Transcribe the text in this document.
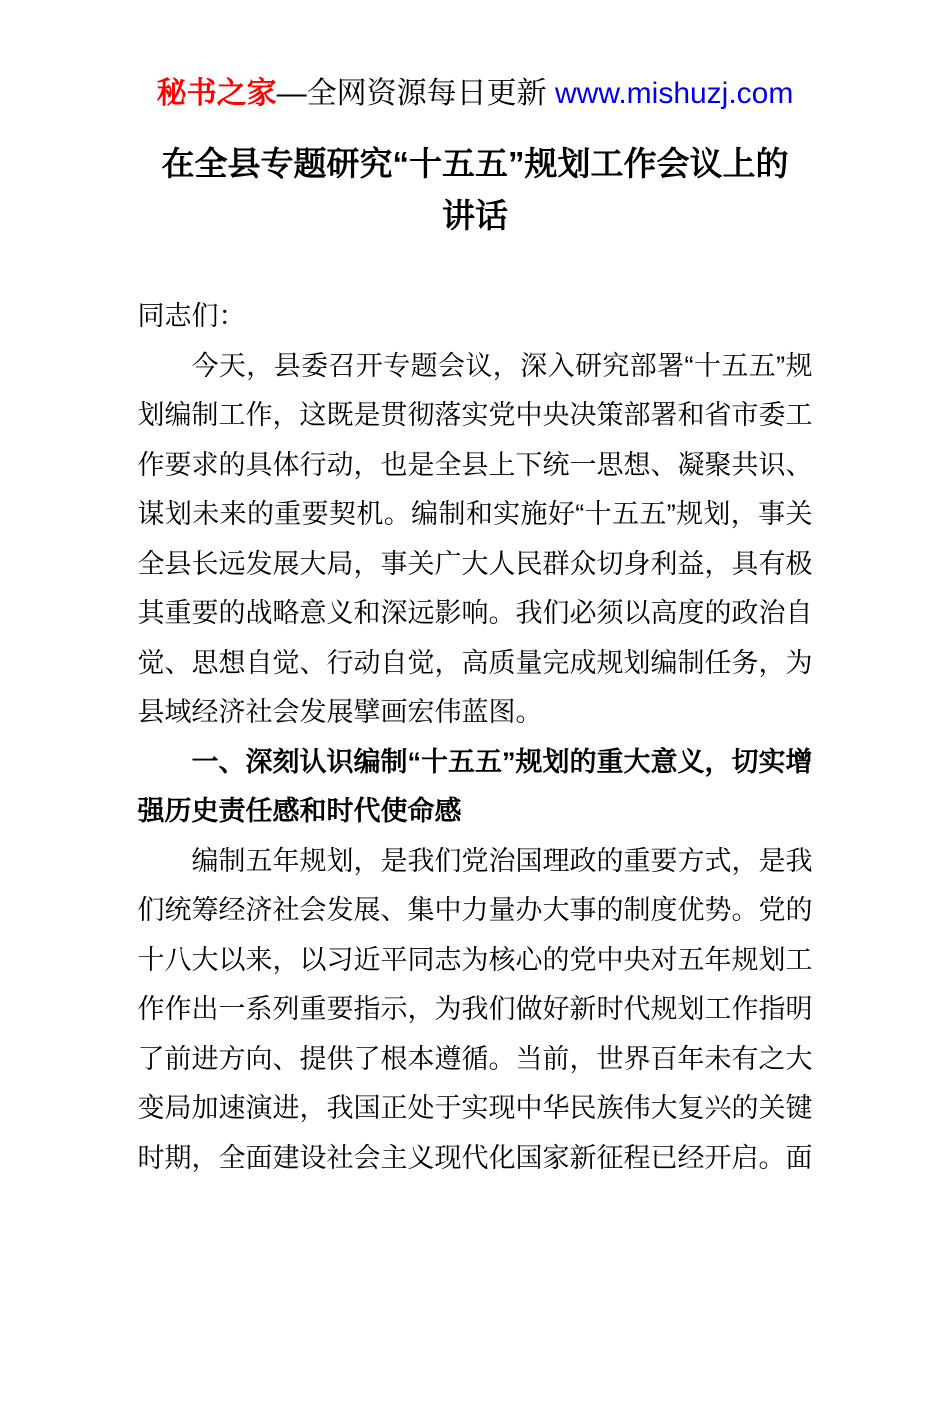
秘书之家—全网资源每日更新 www.mishuzj.com
在全县专题研究“十五五”规划工作会议上的
讲话

同志们：

今天，县委召开专题会议，深入研究部署“十五五”规划编制工作，这既是贯彻落实党中央决策部署和省市委工作要求的具体行动，也是全县上下统一思想、凝聚共识、谋划未来的重要契机。编制和实施好“十五五”规划，事关全县长远发展大局，事关广大人民群众切身利益，具有极其重要的战略意义和深远影响。我们必须以高度的政治自觉、思想自觉、行动自觉，高质量完成规划编制任务，为县域经济社会发展擘画宏伟蓝图。

一、深刻认识编制“十五五”规划的重大意义，切实增强历史责任感和时代使命感

编制五年规划，是我们党治国理政的重要方式，是我们统筹经济社会发展、集中力量办大事的制度优势。党的十八大以来，以习近平同志为核心的党中央对五年规划工作作出一系列重要指示，为我们做好新时代规划工作指明了前进方向、提供了根本遵循。当前，世界百年未有之大变局加速演进，我国正处于实现中华民族伟大复兴的关键时期，全面建设社会主义现代化国家新征程已经开启。面
